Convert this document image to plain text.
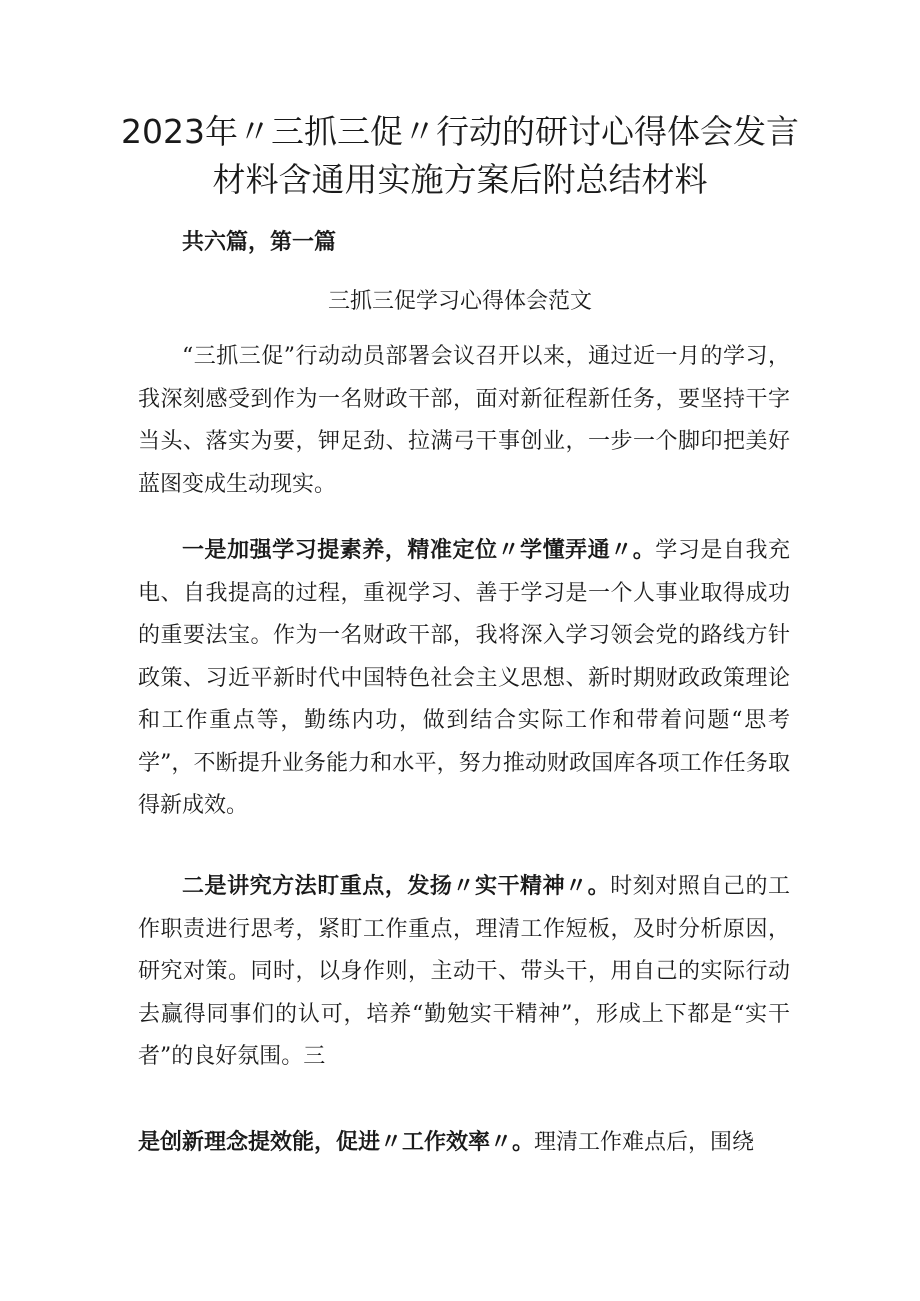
2023年〃三抓三促〃行动的研讨心得体会发言材料含通用实施方案后附总结材料
共六篇，第一篇
三抓三促学习心得体会范文

“三抓三促”行动动员部署会议召开以来，通过近一月的学习，我深刻感受到作为一名财政干部，面对新征程新任务，要坚持干字当头、落实为要，钾足劲、拉满弓干事创业，一步一个脚印把美好蓝图变成生动现实。

一是加强学习提素养，精准定位〃学懂弄通〃。学习是自我充电、自我提高的过程，重视学习、善于学习是一个人事业取得成功的重要法宝。作为一名财政干部，我将深入学习领会党的路线方针政策、习近平新时代中国特色社会主义思想、新时期财政政策理论和工作重点等，勤练内功，做到结合实际工作和带着问题“思考学”，不断提升业务能力和水平，努力推动财政国库各项工作任务取得新成效。

二是讲究方法盯重点，发扬〃实干精神〃。时刻对照自己的工作职责进行思考，紧盯工作重点，理清工作短板，及时分析原因，研究对策。同时，以身作则，主动干、带头干，用自己的实际行动去赢得同事们的认可，培养“勤勉实干精神”，形成上下都是“实干者”的良好氛围。三

是创新理念提效能，促进〃工作效率〃。理清工作难点后，围绕
